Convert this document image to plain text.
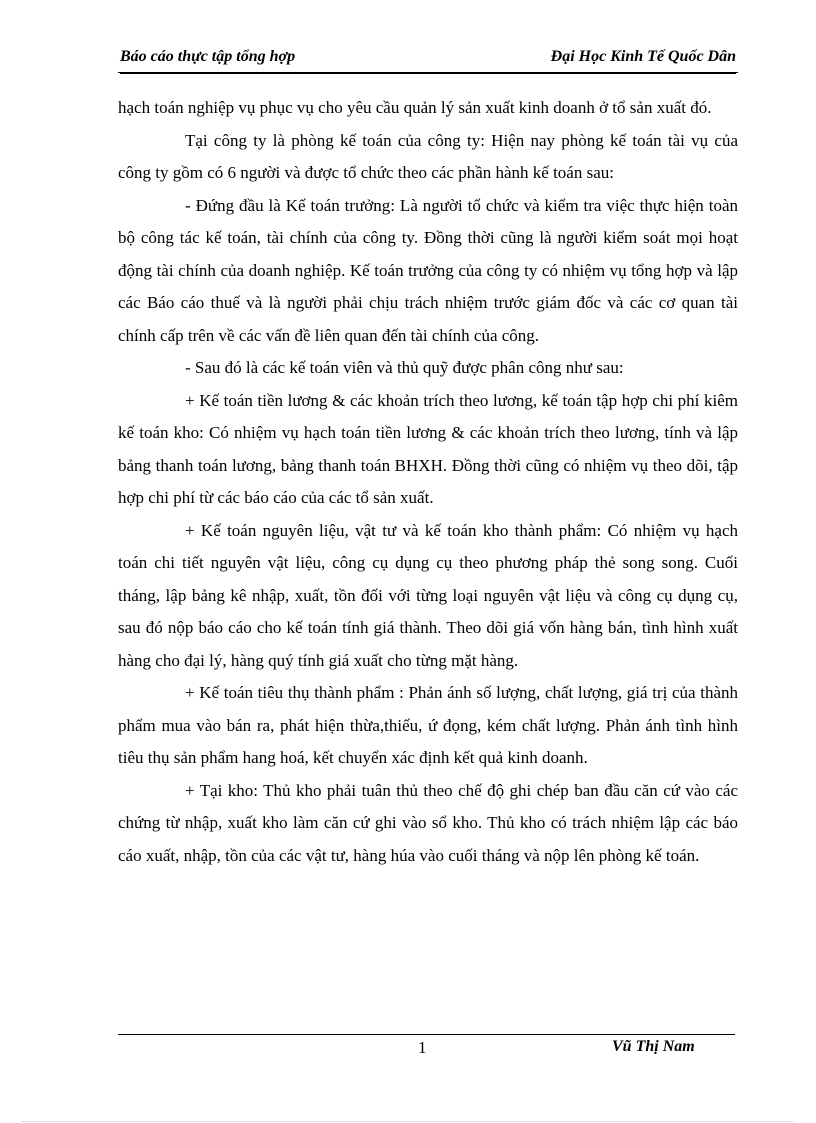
Báo cáo thực tập tổng hợp	Đại Học Kinh Tế Quốc Dân

hạch toán nghiệp vụ phục vụ cho yêu cầu quản lý sản xuất kinh doanh ở tổ sản xuất đó.

Tại công ty là phòng kế toán của công ty: Hiện nay phòng kế toán tài vụ của công ty gồm có 6 người và được tổ chức theo các phần hành kế toán sau:

- Đứng đầu là Kế toán trưởng: Là người tổ chức và kiểm tra việc thực hiện toàn bộ công tác kế toán, tài chính của công ty. Đồng thời cũng là người kiểm soát mọi hoạt động tài chính của doanh nghiệp. Kế toán trưởng của công ty có nhiệm vụ tổng hợp và lập các Báo cáo thuế và là người phải chịu trách nhiệm trước giám đốc và các cơ quan tài chính cấp trên về các vấn đề liên quan đến tài chính của công.

- Sau đó là các kế toán viên và thủ quỹ được phân công như sau:

+ Kế toán tiền lương & các khoản trích theo lương, kế toán tập hợp chi phí kiêm kế toán kho: Có nhiệm vụ hạch toán tiền lương & các khoản trích theo lương, tính và lập bảng thanh toán lương, bảng thanh toán BHXH. Đồng thời cũng có nhiệm vụ theo dõi, tập hợp chi phí từ các báo cáo của các tổ sản xuất.

+ Kế toán nguyên liệu, vật tư và kế toán kho thành phẩm: Có nhiệm vụ hạch toán chi tiết nguyên vật liệu, công cụ dụng cụ theo phương pháp thẻ song song. Cuối tháng, lập bảng kê nhập, xuất, tồn đối với từng loại nguyên vật liệu và công cụ dụng cụ, sau đó nộp báo cáo cho kế toán tính giá thành. Theo dõi giá vốn hàng bán, tình hình xuất hàng cho đại lý, hàng quý tính giá xuất cho từng mặt hàng.

+ Kế toán tiêu thụ thành phẩm : Phản ánh số lượng, chất lượng, giá trị của thành phẩm mua vào bán ra, phát hiện thừa,thiếu, ứ đọng, kém chất lượng. Phản ánh tình hình tiêu thụ sản phẩm hang hoá, kết chuyển xác định kết quả kinh doanh.

+ Tại kho: Thủ kho phải tuân thủ theo chế độ ghi chép ban đầu căn cứ vào các chứng từ nhập, xuất kho làm căn cứ ghi vào sổ kho. Thủ kho có trách nhiệm lập các báo cáo xuất, nhập, tồn của các vật tư, hàng húa vào cuối tháng và nộp lên phòng kế toán.

1	Vũ Thị Nam
